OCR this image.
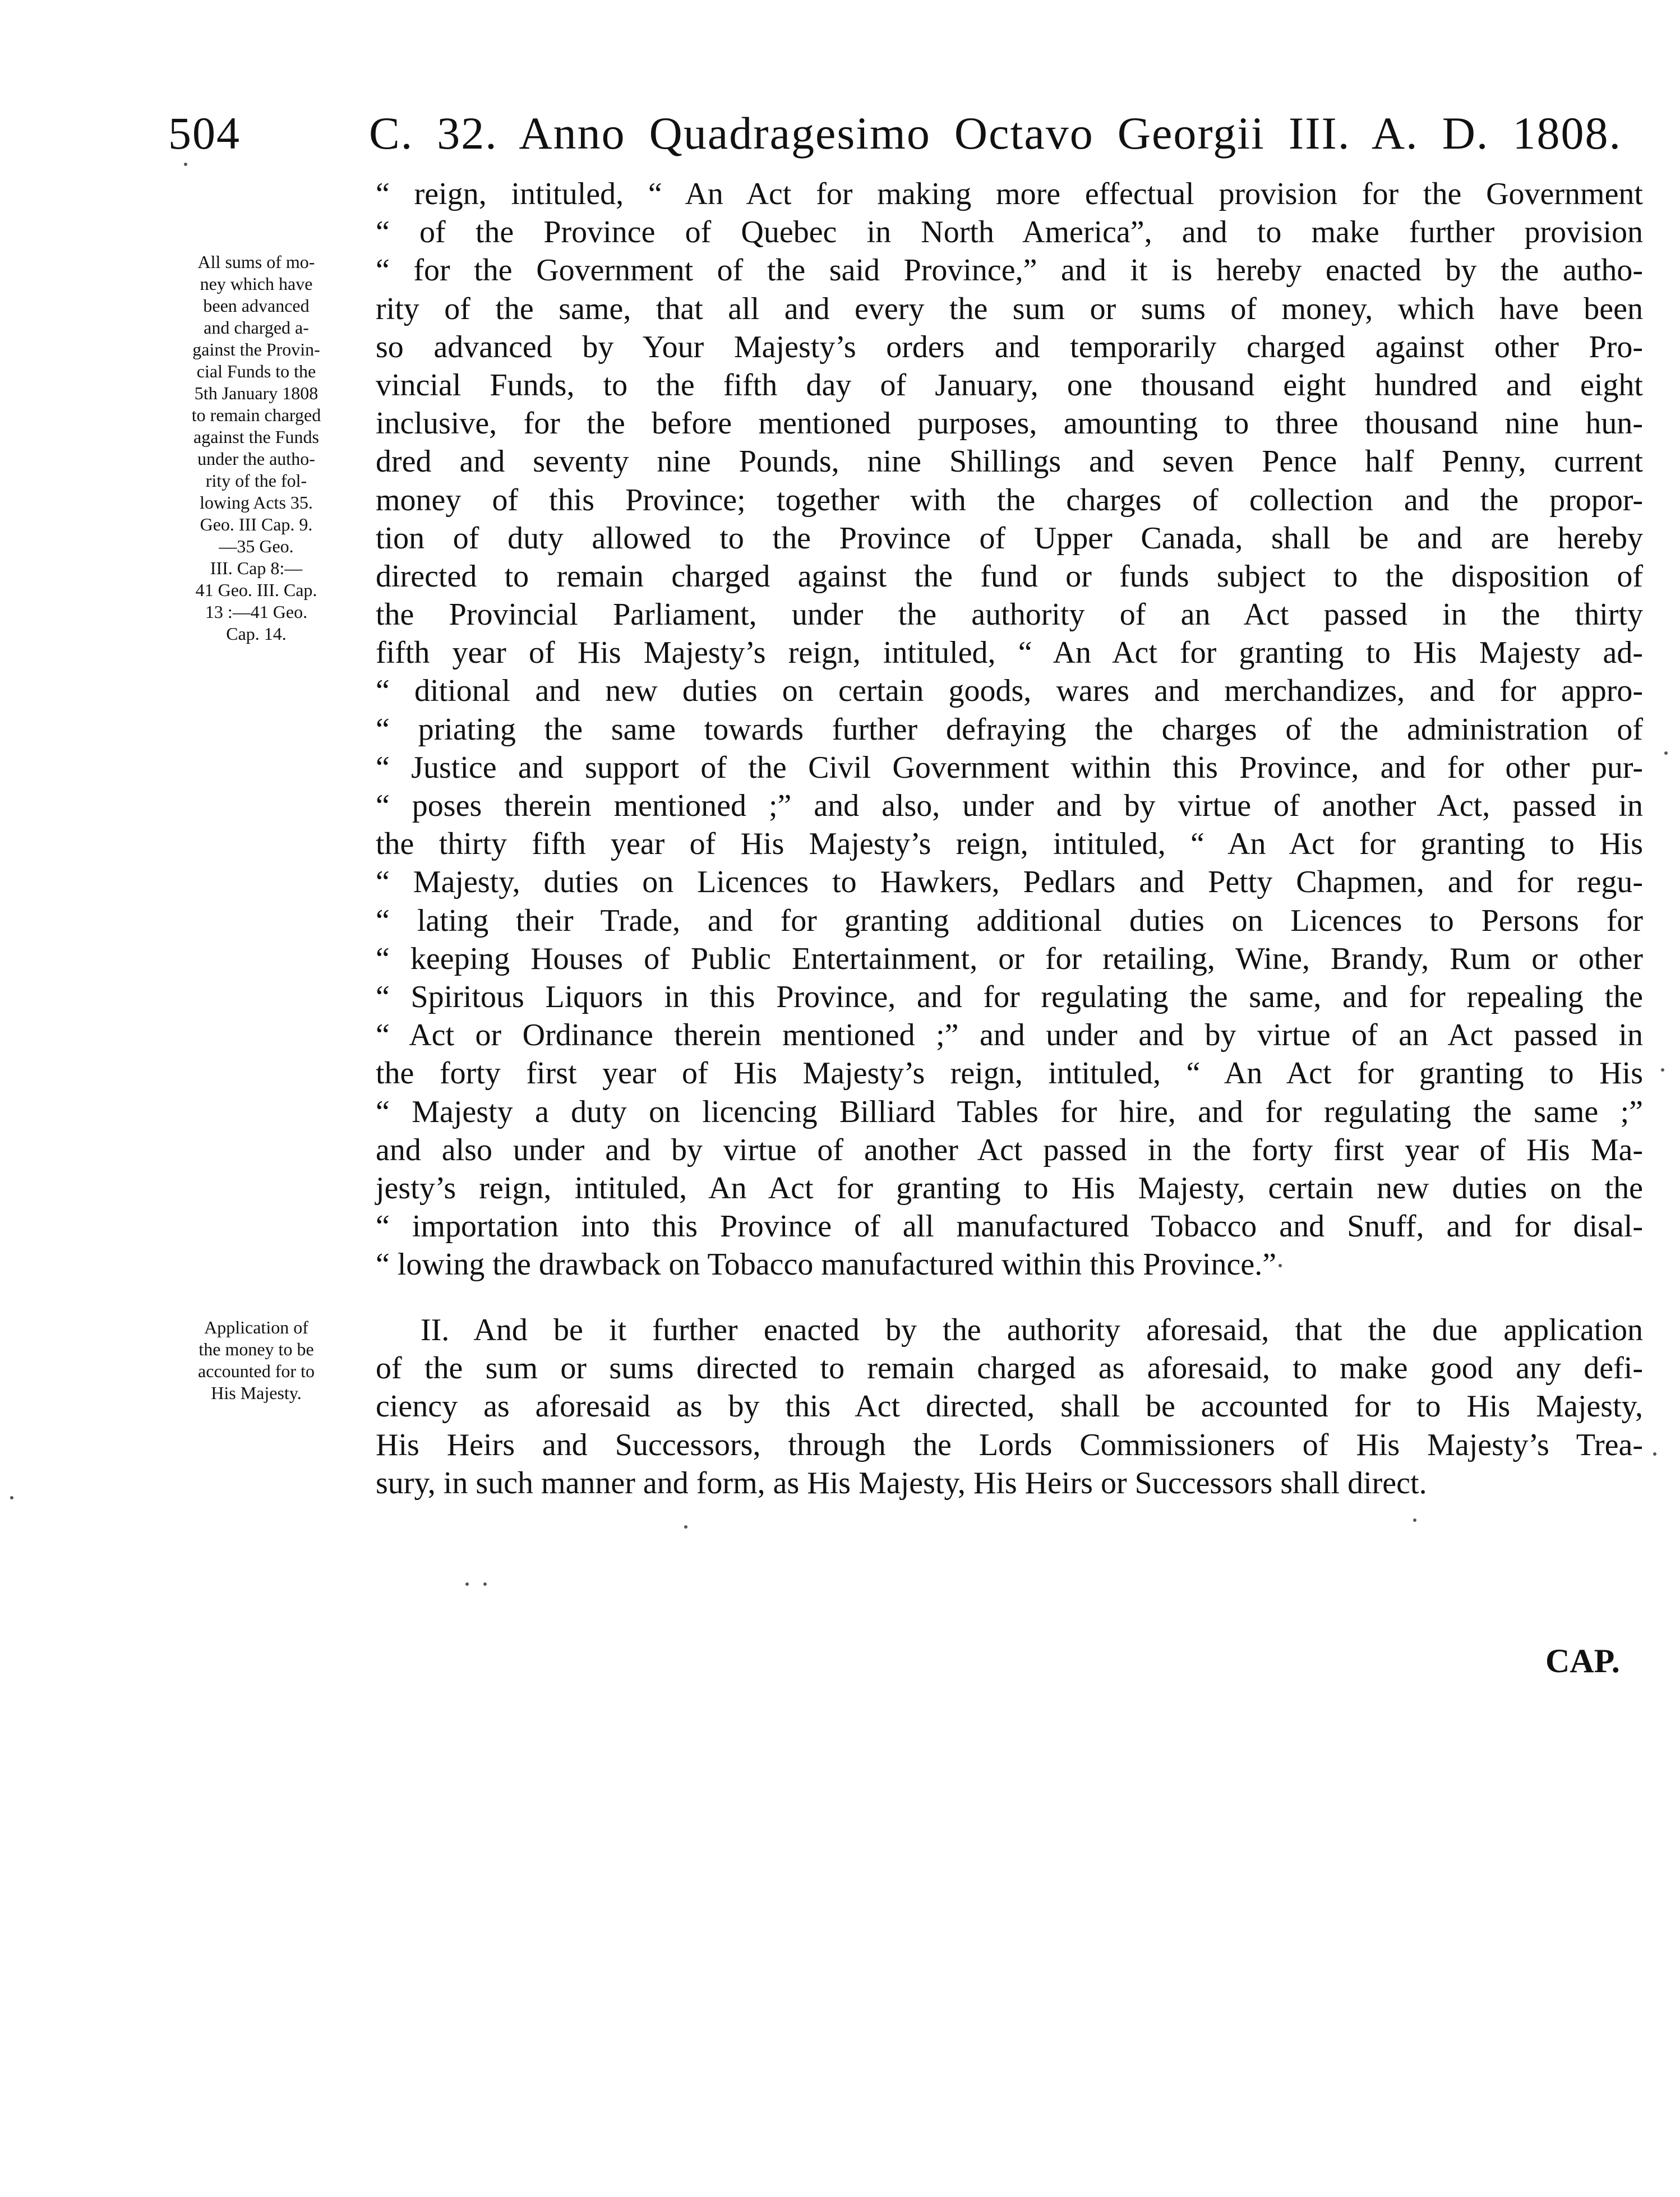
504	C. 32. Anno Quadragesimo Octavo Georgii III. A. D. 1808.
All sums of mo-
ney which have
been advanced
and charged a-
gainst the Provin-
cial Funds to the
5th January 1808
to remain charged
against the Funds
under the autho-
rity of the fol-
lowing Acts 35.
Geo. III Cap. 9.
—35 Geo.
III. Cap 8:—
41 Geo. III. Cap.
13 :—41 Geo.
Cap. 14.
Application of
the money to be
accounted for to
His Majesty.
“ reign, intituled, “ An Act for making more effectual provision for the Government
“ of the Province of Quebec in North America”, and to make further provision
“ for the Government of the said Province,” and it is hereby enacted by the autho-
rity of the same, that all and every the sum or sums of money, which have been
so advanced by Your Majesty’s orders and temporarily charged against other Pro-
vincial Funds, to the fifth day of January, one thousand eight hundred and eight
inclusive, for the before mentioned purposes, amounting to three thousand nine hun-
dred and seventy nine Pounds, nine Shillings and seven Pence half Penny, current
money of this Province; together with the charges of collection and the propor-
tion of duty allowed to the Province of Upper Canada, shall be and are hereby
directed to remain charged against the fund or funds subject to the disposition of
the Provincial Parliament, under the authority of an Act passed in the thirty
fifth year of His Majesty’s reign, intituled, “ An Act for granting to His Majesty ad-
“ ditional and new duties on certain goods, wares and merchandizes, and for appro-
“ priating the same towards further defraying the charges of the administration of
“ Justice and support of the Civil Government within this Province, and for other pur-
“ poses therein mentioned ;” and also, under and by virtue of another Act, passed in
the thirty fifth year of His Majesty’s reign, intituled, “ An Act for granting to His
“ Majesty, duties on Licences to Hawkers, Pedlars and Petty Chapmen, and for regu-
“ lating their Trade, and for granting additional duties on Licences to Persons for
“ keeping Houses of Public Entertainment, or for retailing, Wine, Brandy, Rum or other
“ Spiritous Liquors in this Province, and for regulating the same, and for repealing the
“ Act or Ordinance therein mentioned ;” and under and by virtue of an Act passed in
the forty first year of His Majesty’s reign, intituled, “ An Act for granting to His
“ Majesty a duty on licencing Billiard Tables for hire, and for regulating the same ;”
and also under and by virtue of another Act passed in the forty first year of His Ma-
jesty’s reign, intituled, An Act for granting to His Majesty, certain new duties on the
“ importation into this Province of all manufactured Tobacco and Snuff, and for disal-
“ lowing the drawback on Tobacco manufactured within this Province.”
II. And be it further enacted by the authority aforesaid, that the due application
of the sum or sums directed to remain charged as aforesaid, to make good any defi-
ciency as aforesaid as by this Act directed, shall be accounted for to His Majesty,
His Heirs and Successors, through the Lords Commissioners of His Majesty’s Trea-
sury, in such manner and form, as His Majesty, His Heirs or Successors shall direct.
CAP.
